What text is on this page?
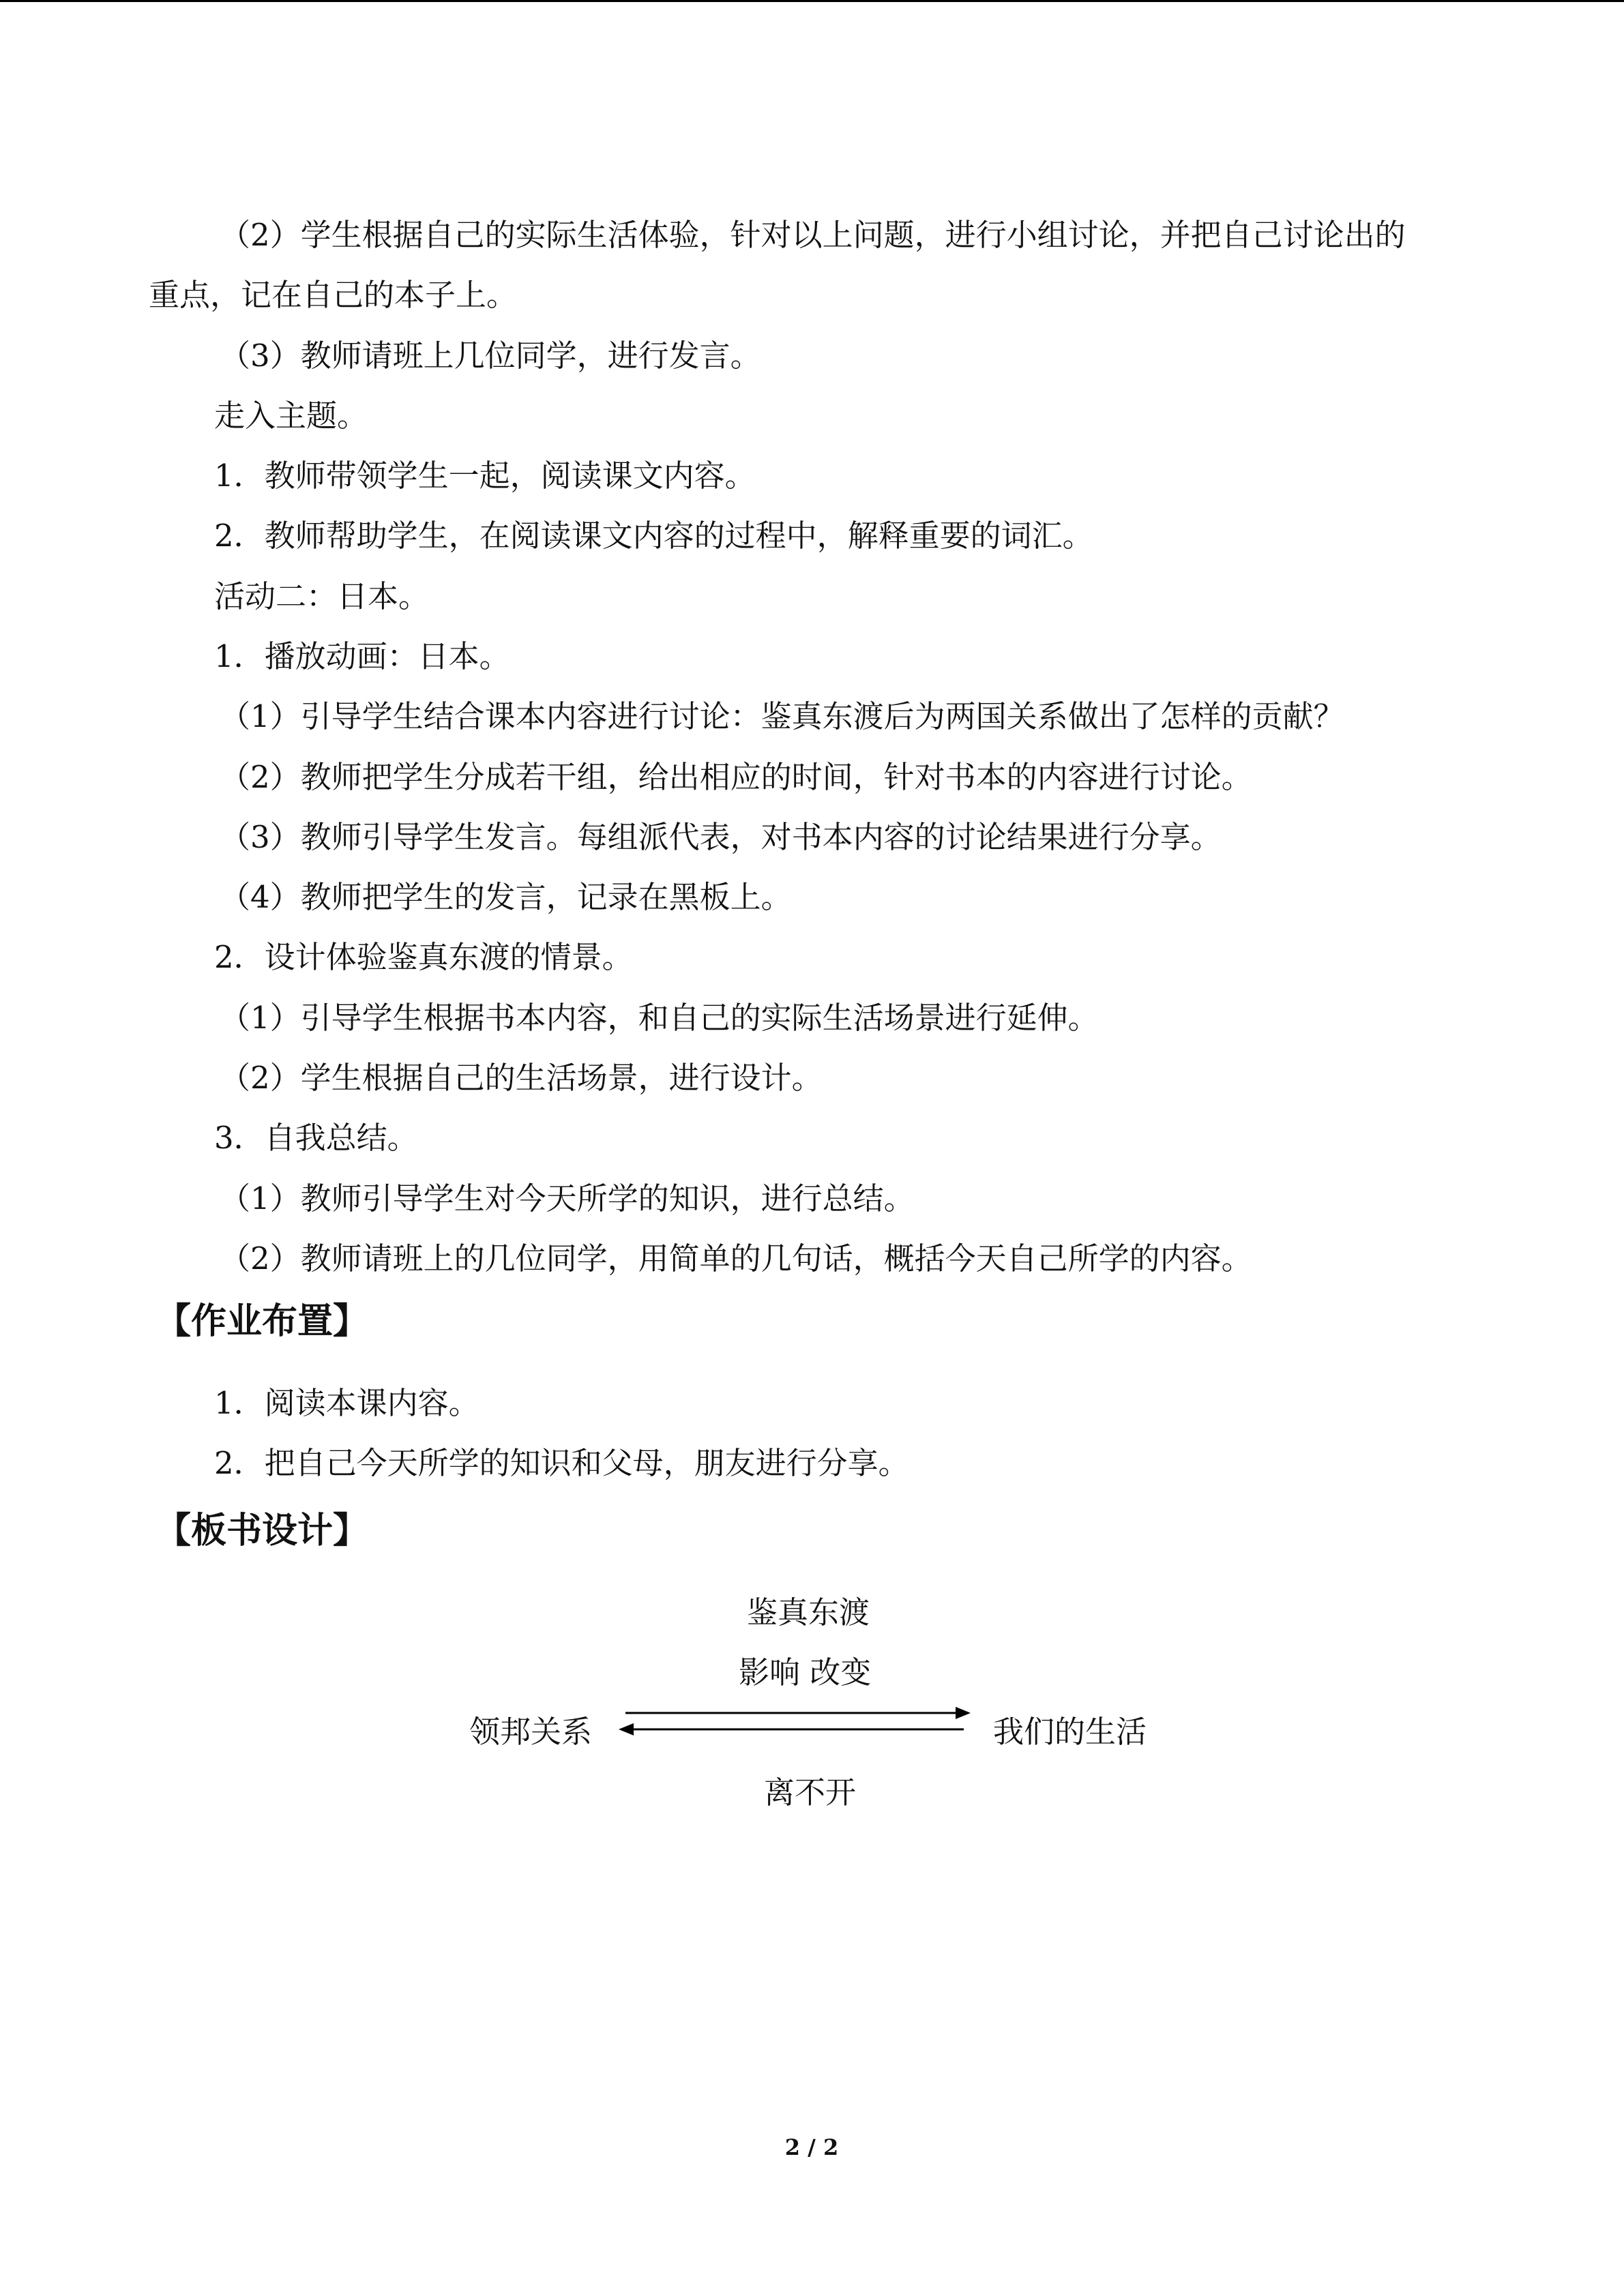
（2）学生根据自己的实际生活体验，针对以上问题，进行小组讨论，并把自己讨论出的

重点，记在自己的本子上。

（3）教师请班上几位同学，进行发言。

走入主题。

1．教师带领学生一起，阅读课文内容。

2．教师帮助学生，在阅读课文内容的过程中，解释重要的词汇。

活动二：日本。

1．播放动画：日本。

（1）引导学生结合课本内容进行讨论：鉴真东渡后为两国关系做出了怎样的贡献？

（2）教师把学生分成若干组，给出相应的时间，针对书本的内容进行讨论。

（3）教师引导学生发言。每组派代表，对书本内容的讨论结果进行分享。

（4）教师把学生的发言，记录在黑板上。

2．设计体验鉴真东渡的情景。

（1）引导学生根据书本内容，和自己的实际生活场景进行延伸。

（2）学生根据自己的生活场景，进行设计。

3．自我总结。

（1）教师引导学生对今天所学的知识，进行总结。

（2）教师请班上的几位同学，用简单的几句话，概括今天自己所学的内容。

【作业布置】

1．阅读本课内容。

2．把自己今天所学的知识和父母，朋友进行分享。

【板书设计】
鉴真东渡
影响 改变
领邦关系	我们的生活
离不开
2 / 2
